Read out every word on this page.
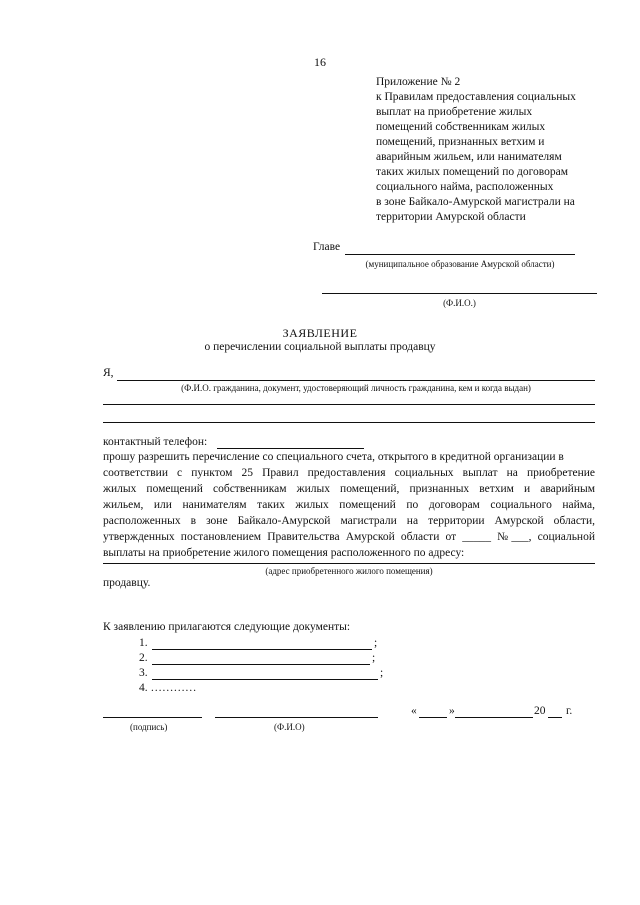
16
Приложение № 2
к Правилам предоставления социальных
выплат на приобретение жилых
помещений собственникам жилых
помещений, признанных ветхим и
аварийным жильем, или нанимателям
таких жилых помещений по договорам
социального найма, расположенных
в зоне Байкало-Амурской магистрали на
территории Амурской области
Главе
(муниципальное образование Амурской области)
(Ф.И.О.)
ЗАЯВЛЕНИЕ
о перечислении социальной выплаты продавцу
Я,
(Ф.И.О. гражданина, документ, удостоверяющий личность гражданина, кем и когда выдан)
контактный телефон:
прошу разрешить перечисление со специального счета, открытого в кредитной организации в
соответствии с пунктом 25 Правил предоставления социальных выплат на приобретение
жилых помещений собственникам жилых помещений, признанных ветхим и аварийным
жильем, или нанимателям таких жилых помещений по договорам социального найма,
расположенных в зоне Байкало-Амурской магистрали на территории Амурской области,
утвержденных постановлением Правительства Амурской области от _____ №___, социальной
выплаты на приобретение жилого помещения расположенного по адресу:
(адрес приобретенного жилого помещения)
продавцу.
К заявлению прилагаются следующие документы:
1.	;
2.	;
3.	;
4. …………
«	»	20 г.
(подпись)	(Ф.И.О)
